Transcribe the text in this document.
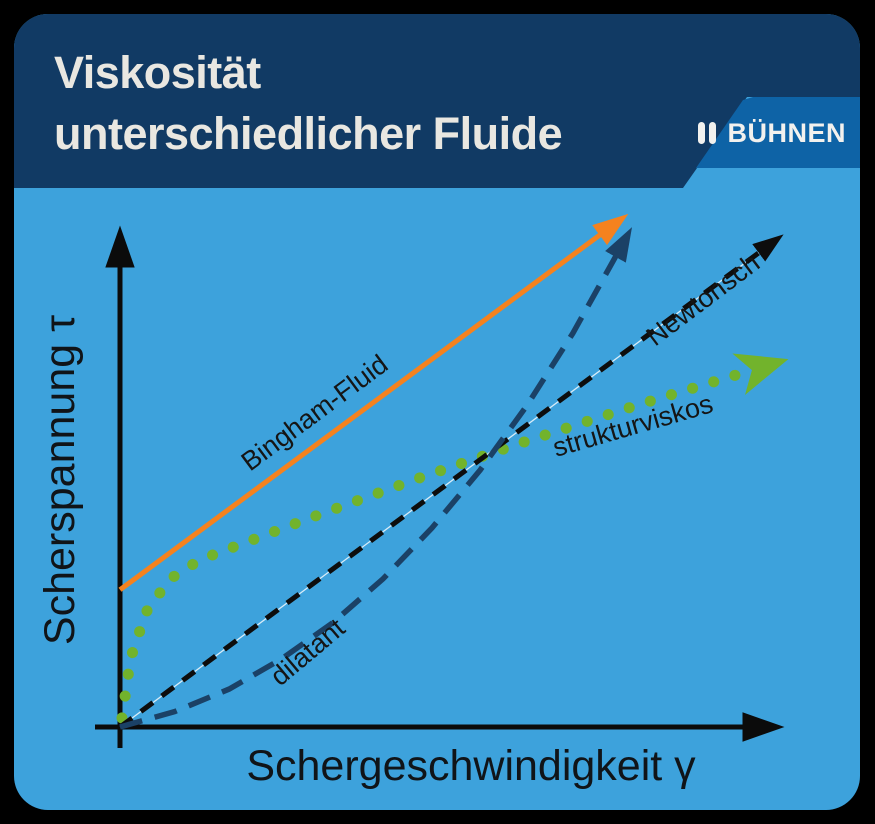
Viskosität
unterschiedlicher Fluide	BÜHNEN
Bingham-Fluid
Newtonsch
dilatant
strukturviskos
Scherspannung τ
Schergeschwindigkeit γ
